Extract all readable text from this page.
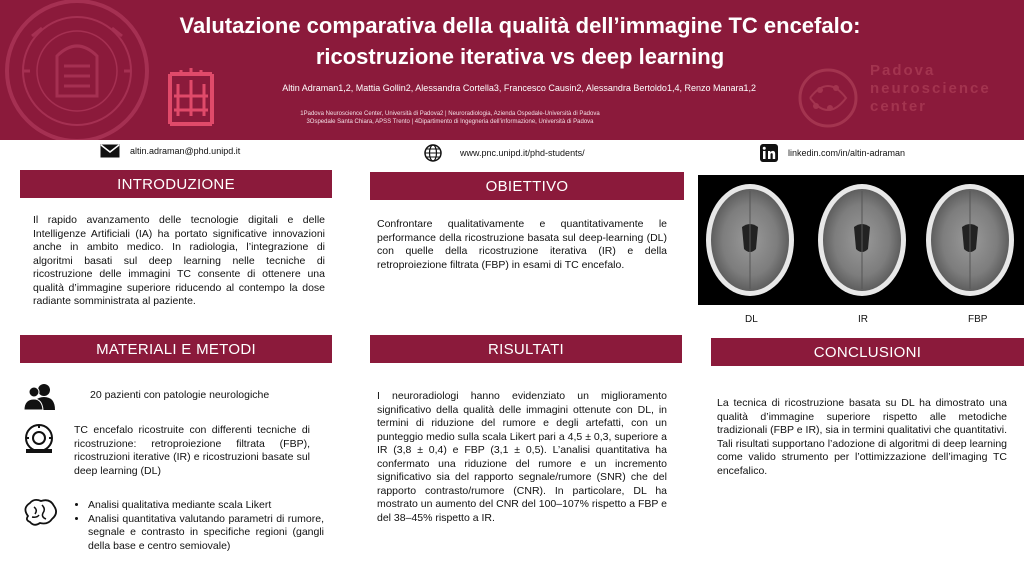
Valutazione comparativa della qualità dell’immagine TC encefalo:
ricostruzione iterativa vs deep learning
Altin Adraman1,2, Mattia Gollin2, Alessandra Cortella3, Francesco Causin2, Alessandra Bertoldo1,4, Renzo Manara1,2
1Padova Neuroscience Center, Università di Padova2 | Neuroradiologia, Azienda Ospedale-Università di Padova
3Ospedale Santa Chiara, APSS Trento | 4Dipartimento di Ingegneria dell’informazione, Università di Padova
Padova
neuroscience
center
altin.adraman@phd.unipd.it	www.pnc.unipd.it/phd-students/	linkedin.com/in/altin-adraman
INTRODUZIONE
Il rapido avanzamento delle tecnologie digitali e delle Intelligenze Artificiali (IA) ha portato significative innovazioni anche in ambito medico. In radiologia, l’integrazione di algoritmi basati sul deep learning nelle tecniche di ricostruzione delle immagini TC consente di ottenere una qualità d’immagine superiore riducendo al contempo la dose radiante somministrata al paziente.
OBIETTIVO
Confrontare qualitativamente e quantitativamente le performance della ricostruzione basata sul deep-learning (DL) con quelle della ricostruzione iterativa (IR) e della retroproiezione filtrata (FBP) in esami di TC encefalo.
DL	IR	FBP
MATERIALI E METODI
20 pazienti con patologie neurologiche
TC encefalo ricostruite con differenti tecniche di ricostruzione: retroproiezione filtrata (FBP), ricostruzioni iterative (IR) e ricostruzioni basate sul deep learning (DL)
• Analisi qualitativa mediante scala Likert
• Analisi quantitativa valutando parametri di rumore, segnale e contrasto in specifiche regioni (gangli della base e centro semiovale)
RISULTATI
I neuroradiologi hanno evidenziato un miglioramento significativo della qualità delle immagini ottenute con DL, in termini di riduzione del rumore e degli artefatti, con un punteggio medio sulla scala Likert pari a 4,5 ± 0,3, superiore a IR (3,8 ± 0,4) e FBP (3,1 ± 0,5). L’analisi quantitativa ha confermato una riduzione del rumore e un incremento significativo sia del rapporto segnale/rumore (SNR) che del rapporto contrasto/rumore (CNR). In particolare, DL ha mostrato un aumento del CNR del 100–107% rispetto a FBP e del 38–45% rispetto a IR.
CONCLUSIONI
La tecnica di ricostruzione basata su DL ha dimostrato una qualità d’immagine superiore rispetto alle metodiche tradizionali (FBP e IR), sia in termini qualitativi che quantitativi. Tali risultati supportano l’adozione di algoritmi di deep learning come valido strumento per l’ottimizzazione dell’imaging TC encefalico.
